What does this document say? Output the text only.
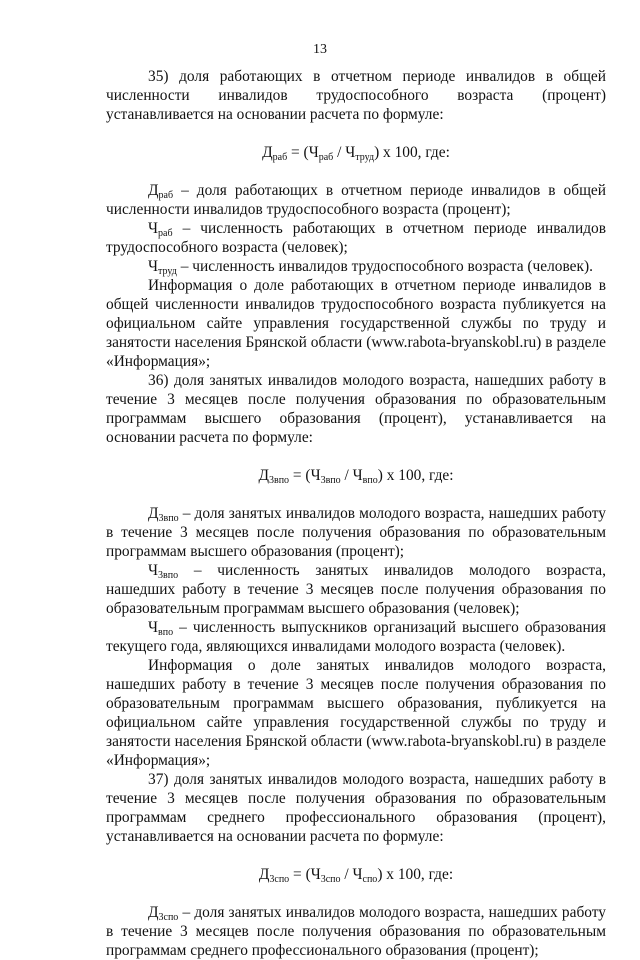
13

35) доля работающих в отчетном периоде инвалидов в общей численности инвалидов трудоспособного возраста (процент) устанавливается на основании расчета по формуле:

$Д_{раб} = (Ч_{раб} / Ч_{труд})$ х 100, где:

$Д_{раб}$ – доля работающих в отчетном периоде инвалидов в общей численности инвалидов трудоспособного возраста (процент);

$Ч_{раб}$ – численность работающих в отчетном периоде инвалидов трудоспособного возраста (человек);

$Ч_{труд}$ – численность инвалидов трудоспособного возраста (человек).

Информация о доле работающих в отчетном периоде инвалидов в общей численности инвалидов трудоспособного возраста публикуется на официальном сайте управления государственной службы по труду и занятости населения Брянской области (www.rabota-bryanskobl.ru) в разделе «Информация»;

36) доля занятых инвалидов молодого возраста, нашедших работу в течение 3 месяцев после получения образования по образовательным программам высшего образования (процент), устанавливается на основании расчета по формуле:

$Д_{3впо} = (Ч_{3впо} / Ч_{впо})$ х 100, где:

$Д_{3впо}$ – доля занятых инвалидов молодого возраста, нашедших работу в течение 3 месяцев после получения образования по образовательным программам высшего образования (процент);

$Ч_{3впо}$ – численность занятых инвалидов молодого возраста, нашедших работу в течение 3 месяцев после получения образования по образовательным программам высшего образования (человек);

$Ч_{впо}$ – численность выпускников организаций высшего образования текущего года, являющихся инвалидами молодого возраста (человек).

Информация о доле занятых инвалидов молодого возраста, нашедших работу в течение 3 месяцев после получения образования по образовательным программам высшего образования, публикуется на официальном сайте управления государственной службы по труду и занятости населения Брянской области (www.rabota-bryanskobl.ru) в разделе «Информация»;

37) доля занятых инвалидов молодого возраста, нашедших работу в течение 3 месяцев после получения образования по образовательным программам среднего профессионального образования (процент), устанавливается на основании расчета по формуле:

$Д_{3спо} = (Ч_{3спо} / Ч_{спо})$ х 100, где:

$Д_{3спо}$ – доля занятых инвалидов молодого возраста, нашедших работу в течение 3 месяцев после получения образования по образовательным программам среднего профессионального образования (процент);
